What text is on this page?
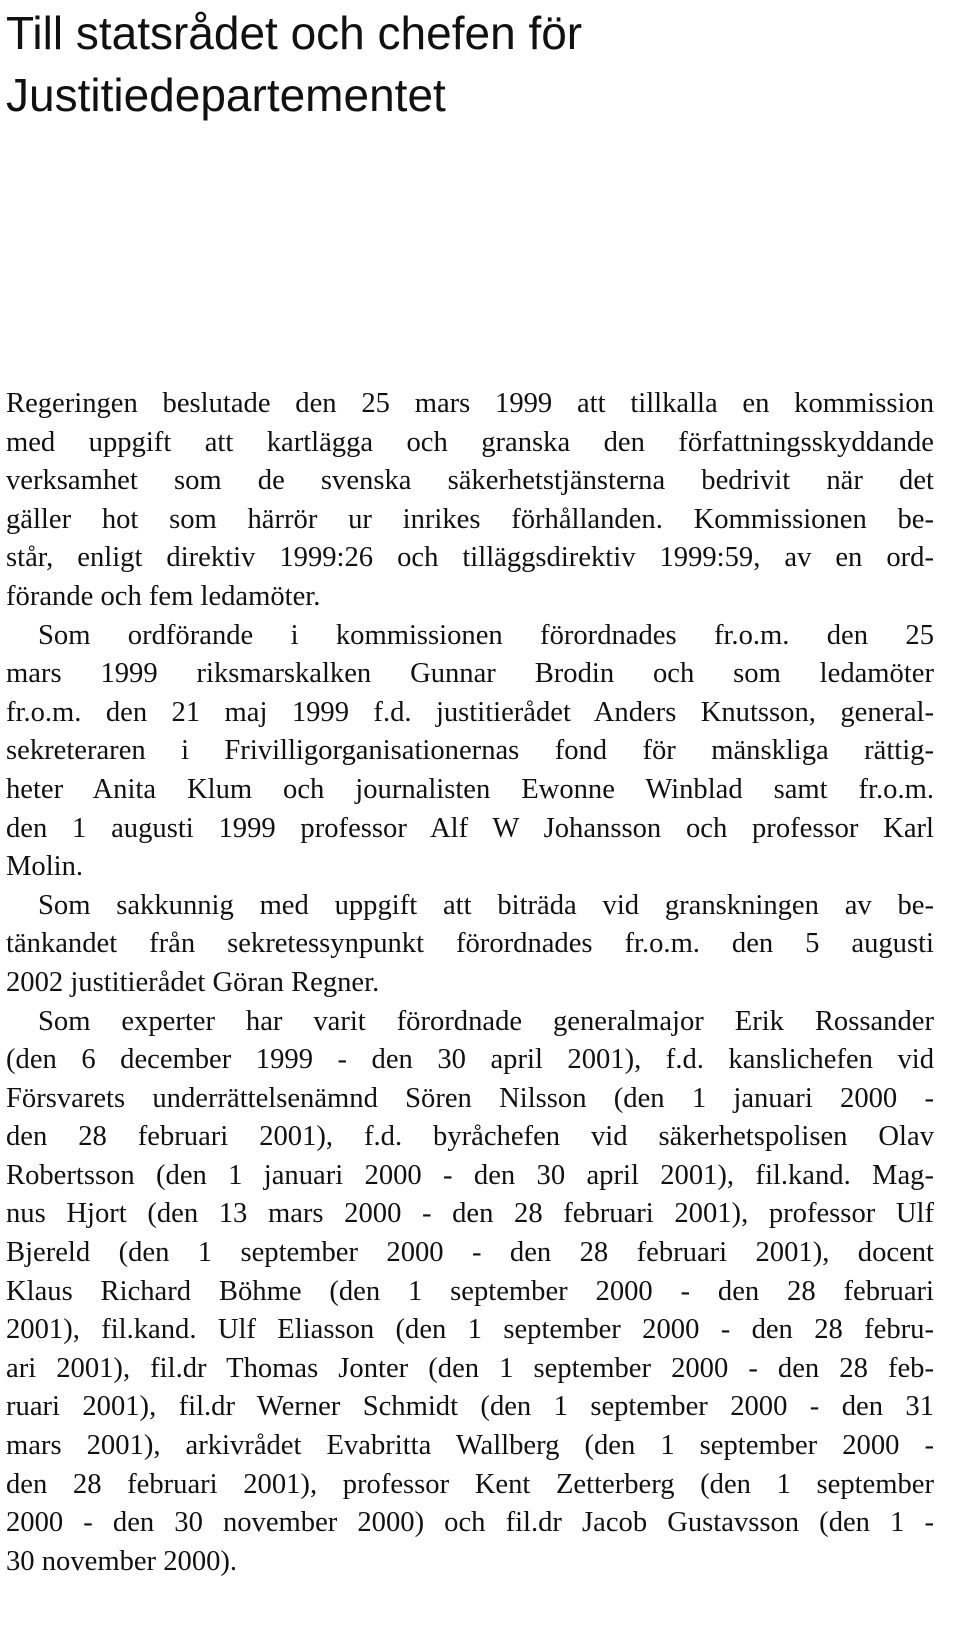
Till statsrådet och chefen för
Justitiedepartementet
Regeringen beslutade den 25 mars 1999 att tillkalla en kommission
med uppgift att kartlägga och granska den författningsskyddande
verksamhet som de svenska säkerhetstjänsterna bedrivit när det
gäller hot som härrör ur inrikes förhållanden. Kommissionen be-
står, enligt direktiv 1999:26 och tilläggsdirektiv 1999:59, av en ord-
förande och fem ledamöter.
Som ordförande i kommissionen förordnades fr.o.m. den 25
mars 1999 riksmarskalken Gunnar Brodin och som ledamöter
fr.o.m. den 21 maj 1999 f.d. justitierådet Anders Knutsson, general-
sekreteraren i Frivilligorganisationernas fond för mänskliga rättig-
heter Anita Klum och journalisten Ewonne Winblad samt fr.o.m.
den 1 augusti 1999 professor Alf W Johansson och professor Karl
Molin.
Som sakkunnig med uppgift att biträda vid granskningen av be-
tänkandet från sekretessynpunkt förordnades fr.o.m. den 5 augusti
2002 justitierådet Göran Regner.
Som experter har varit förordnade generalmajor Erik Rossander
(den 6 december 1999 - den 30 april 2001), f.d. kanslichefen vid
Försvarets underrättelsenämnd Sören Nilsson (den 1 januari 2000 -
den 28 februari 2001), f.d. byråchefen vid säkerhetspolisen Olav
Robertsson (den 1 januari 2000 - den 30 april 2001), fil.kand. Mag-
nus Hjort (den 13 mars 2000 - den 28 februari 2001), professor Ulf
Bjereld (den 1 september 2000 - den 28 februari 2001), docent
Klaus Richard Böhme (den 1 september 2000 - den 28 februari
2001), fil.kand. Ulf Eliasson (den 1 september 2000 - den 28 febru-
ari 2001), fil.dr Thomas Jonter (den 1 september 2000 - den 28 feb-
ruari 2001), fil.dr Werner Schmidt (den 1 september 2000 - den 31
mars 2001), arkivrådet Evabritta Wallberg (den 1 september 2000 -
den 28 februari 2001), professor Kent Zetterberg (den 1 september
2000 - den 30 november 2000) och fil.dr Jacob Gustavsson (den 1 -
30 november 2000).
